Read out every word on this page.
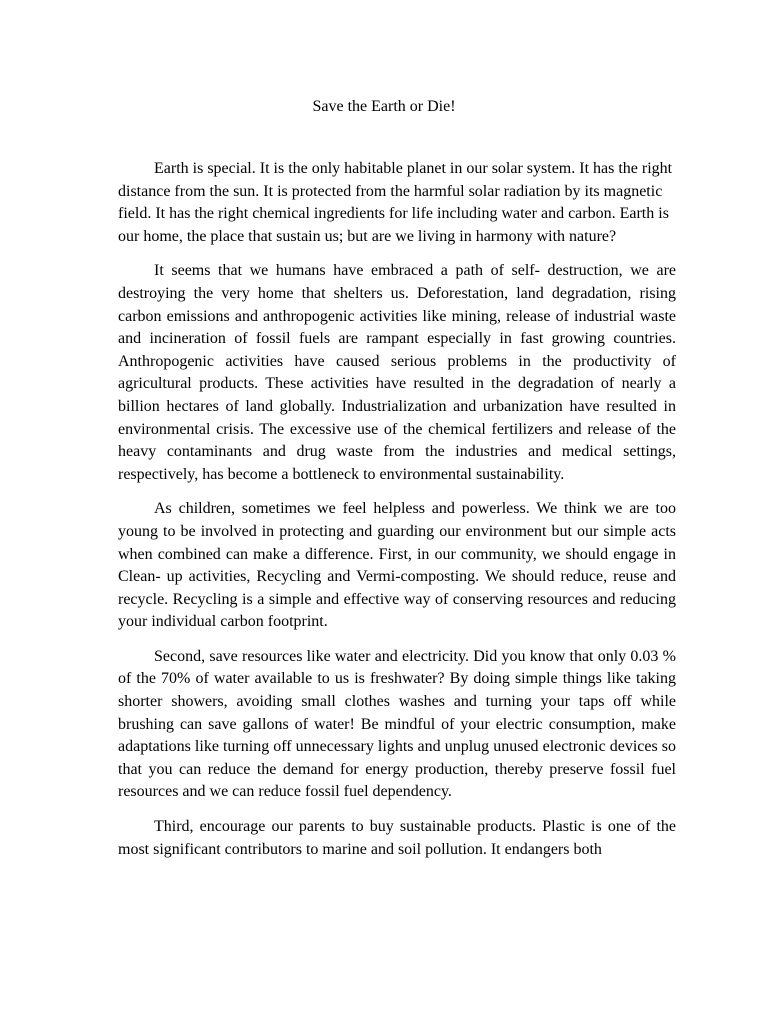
Save the Earth or Die!

Earth is special. It is the only habitable planet in our solar system. It has the right distance from the sun. It is protected from the harmful solar radiation by its magnetic field. It has the right chemical ingredients for life including water and carbon. Earth is our home, the place that sustain us; but are we living in harmony with nature?

It seems that we humans have embraced a path of self- destruction, we are destroying the very home that shelters us. Deforestation, land degradation, rising carbon emissions and anthropogenic activities like mining, release of industrial waste and incineration of fossil fuels are rampant especially in fast growing countries. Anthropogenic activities have caused serious problems in the productivity of agricultural products. These activities have resulted in the degradation of nearly a billion hectares of land globally. Industrialization and urbanization have resulted in environmental crisis. The excessive use of the chemical fertilizers and release of the heavy contaminants and drug waste from the industries and medical settings, respectively, has become a bottleneck to environmental sustainability.

As children, sometimes we feel helpless and powerless. We think we are too young to be involved in protecting and guarding our environment but our simple acts when combined can make a difference. First, in our community, we should engage in Clean- up activities, Recycling and Vermi-composting. We should reduce, reuse and recycle. Recycling is a simple and effective way of conserving resources and reducing your individual carbon footprint.

Second, save resources like water and electricity. Did you know that only 0.03 % of the 70% of water available to us is freshwater? By doing simple things like taking shorter showers, avoiding small clothes washes and turning your taps off while brushing can save gallons of water! Be mindful of your electric consumption, make adaptations like turning off unnecessary lights and unplug unused electronic devices so that you can reduce the demand for energy production, thereby preserve fossil fuel resources and we can reduce fossil fuel dependency.

Third, encourage our parents to buy sustainable products. Plastic is one of the most significant contributors to marine and soil pollution. It endangers both
